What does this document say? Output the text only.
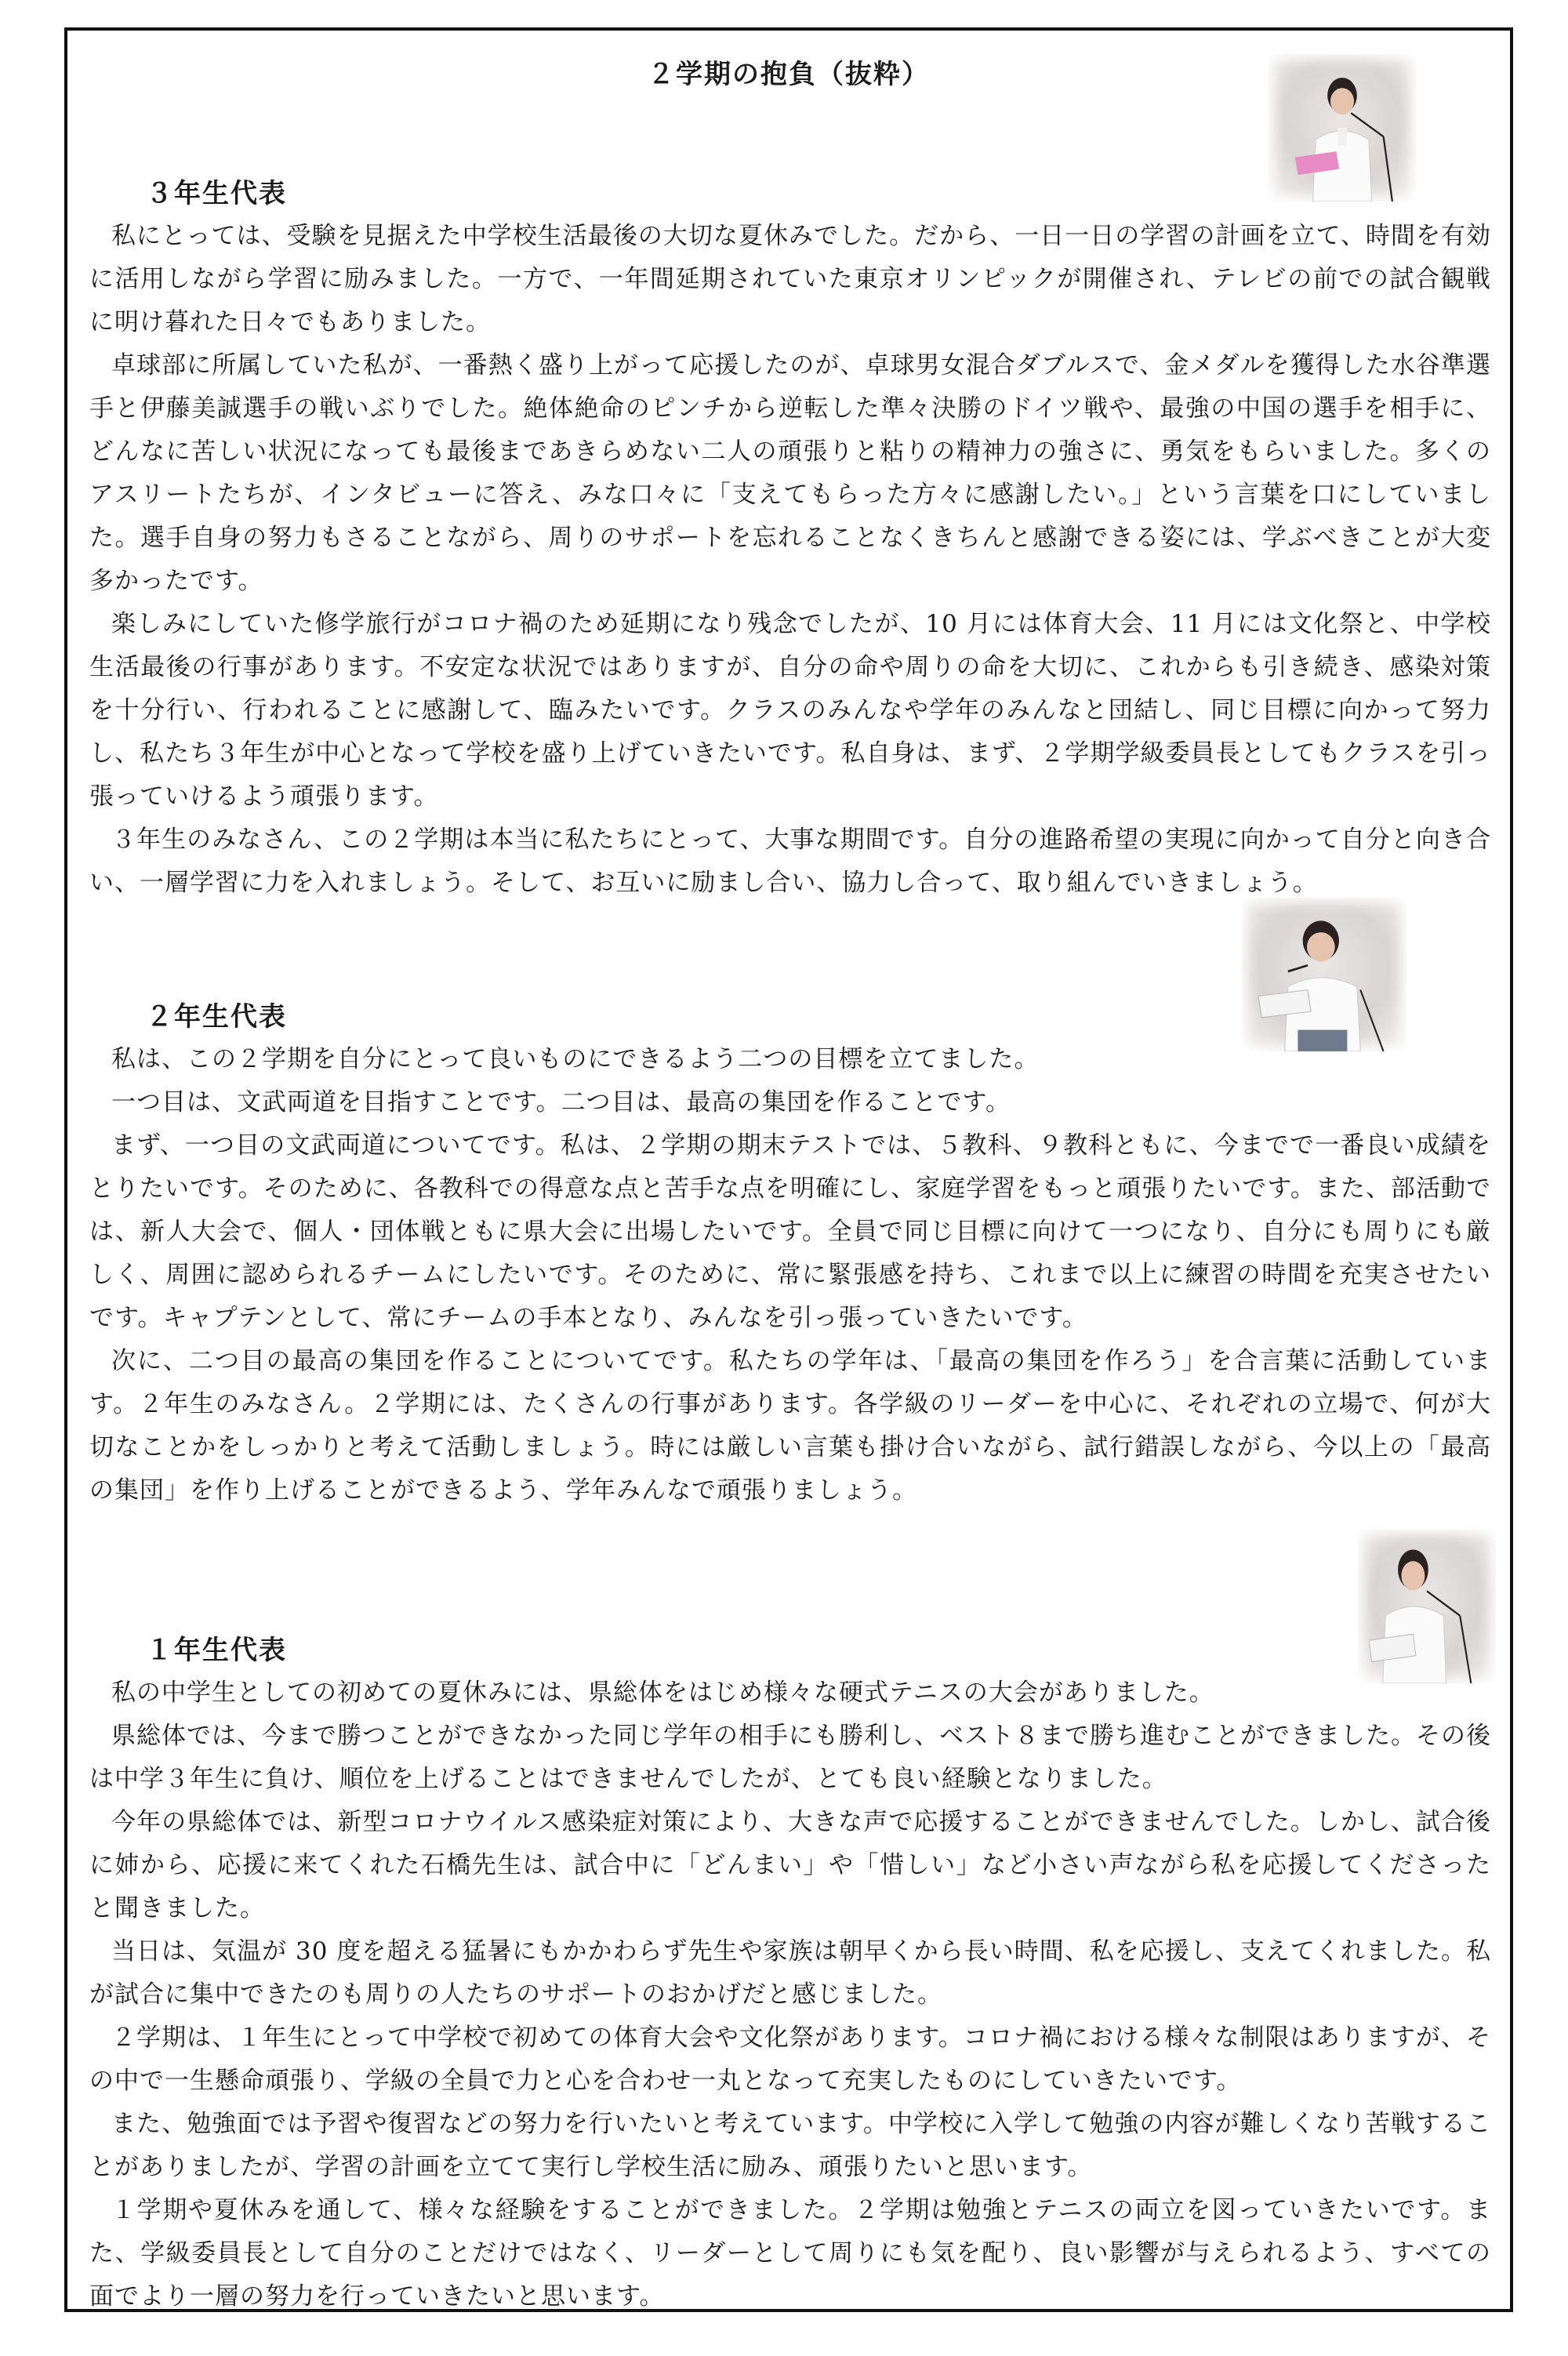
２学期の抱負（抜粋）
３年生代表

私にとっては、受験を見据えた中学校生活最後の大切な夏休みでした。だから、一日一日の学習の計画を立て、時間を有効に活用しながら学習に励みました。一方で、一年間延期されていた東京オリンピックが開催され、テレビの前での試合観戦に明け暮れた日々でもありました。

卓球部に所属していた私が、一番熱く盛り上がって応援したのが、卓球男女混合ダブルスで、金メダルを獲得した水谷準選手と伊藤美誠選手の戦いぶりでした。絶体絶命のピンチから逆転した準々決勝のドイツ戦や、最強の中国の選手を相手に、どんなに苦しい状況になっても最後まであきらめない二人の頑張りと粘りの精神力の強さに、勇気をもらいました。多くのアスリートたちが、インタビューに答え、みな口々に「支えてもらった方々に感謝したい。」という言葉を口にしていました。選手自身の努力もさることながら、周りのサポートを忘れることなくきちんと感謝できる姿には、学ぶべきことが大変多かったです。

楽しみにしていた修学旅行がコロナ禍のため延期になり残念でしたが、10 月には体育大会、11 月には文化祭と、中学校生活最後の行事があります。不安定な状況ではありますが、自分の命や周りの命を大切に、これからも引き続き、感染対策を十分行い、行われることに感謝して、臨みたいです。クラスのみんなや学年のみんなと団結し、同じ目標に向かって努力し、私たち３年生が中心となって学校を盛り上げていきたいです。私自身は、まず、２学期学級委員長としてもクラスを引っ張っていけるよう頑張ります。

３年生のみなさん、この２学期は本当に私たちにとって、大事な期間です。自分の進路希望の実現に向かって自分と向き合い、一層学習に力を入れましょう。そして、お互いに励まし合い、協力し合って、取り組んでいきましょう。

２年生代表

私は、この２学期を自分にとって良いものにできるよう二つの目標を立てました。

一つ目は、文武両道を目指すことです。二つ目は、最高の集団を作ることです。

まず、一つ目の文武両道についてです。私は、２学期の期末テストでは、５教科、９教科ともに、今までで一番良い成績をとりたいです。そのために、各教科での得意な点と苦手な点を明確にし、家庭学習をもっと頑張りたいです。また、部活動では、新人大会で、個人・団体戦ともに県大会に出場したいです。全員で同じ目標に向けて一つになり、自分にも周りにも厳しく、周囲に認められるチームにしたいです。そのために、常に緊張感を持ち、これまで以上に練習の時間を充実させたいです。キャプテンとして、常にチームの手本となり、みんなを引っ張っていきたいです。

次に、二つ目の最高の集団を作ることについてです。私たちの学年は、「最高の集団を作ろう」を合言葉に活動しています。２年生のみなさん。２学期には、たくさんの行事があります。各学級のリーダーを中心に、それぞれの立場で、何が大切なことかをしっかりと考えて活動しましょう。時には厳しい言葉も掛け合いながら、試行錯誤しながら、今以上の「最高の集団」を作り上げることができるよう、学年みんなで頑張りましょう。

１年生代表

私の中学生としての初めての夏休みには、県総体をはじめ様々な硬式テニスの大会がありました。

県総体では、今まで勝つことができなかった同じ学年の相手にも勝利し、ベスト８まで勝ち進むことができました。その後は中学３年生に負け、順位を上げることはできませんでしたが、とても良い経験となりました。

今年の県総体では、新型コロナウイルス感染症対策により、大きな声で応援することができませんでした。しかし、試合後に姉から、応援に来てくれた石橋先生は、試合中に「どんまい」や「惜しい」など小さい声ながら私を応援してくださったと聞きました。

当日は、気温が 30 度を超える猛暑にもかかわらず先生や家族は朝早くから長い時間、私を応援し、支えてくれました。私が試合に集中できたのも周りの人たちのサポートのおかげだと感じました。

２学期は、１年生にとって中学校で初めての体育大会や文化祭があります。コロナ禍における様々な制限はありますが、その中で一生懸命頑張り、学級の全員で力と心を合わせ一丸となって充実したものにしていきたいです。

また、勉強面では予習や復習などの努力を行いたいと考えています。中学校に入学して勉強の内容が難しくなり苦戦することがありましたが、学習の計画を立てて実行し学校生活に励み、頑張りたいと思います。

１学期や夏休みを通して、様々な経験をすることができました。２学期は勉強とテニスの両立を図っていきたいです。また、学級委員長として自分のことだけではなく、リーダーとして周りにも気を配り、良い影響が与えられるよう、すべての面でより一層の努力を行っていきたいと思います。
